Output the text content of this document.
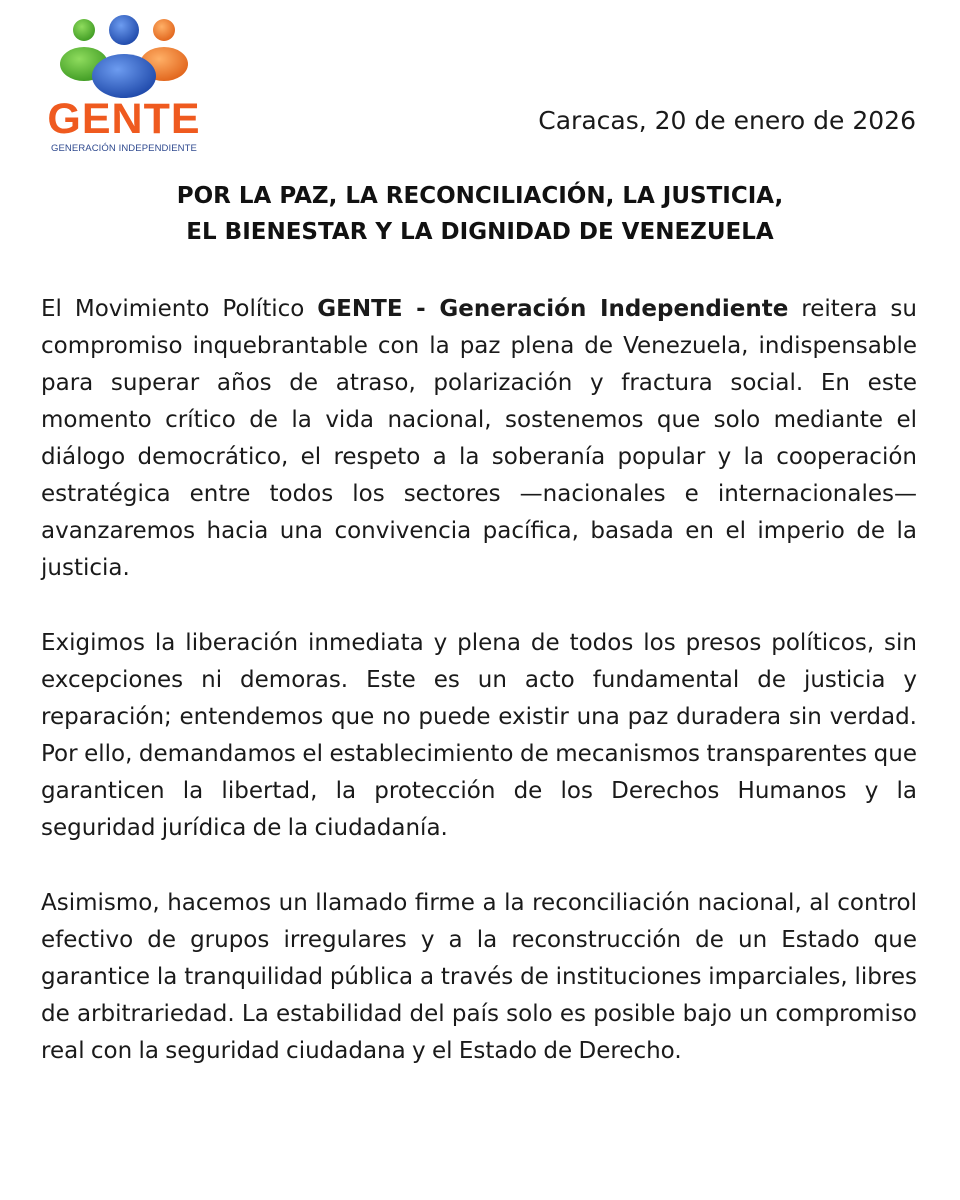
GENTE
GENERACIÓN INDEPENDIENTE
Caracas, 20 de enero de 2026
POR LA PAZ, LA RECONCILIACIÓN, LA JUSTICIA,
EL BIENESTAR Y LA DIGNIDAD DE VENEZUELA

El Movimiento Político GENTE - Generación Independiente reitera su compromiso inquebrantable con la paz plena de Venezuela, indispensable para superar años de atraso, polarización y fractura social. En este momento crítico de la vida nacional, sostenemos que solo mediante el diálogo democrático, el respeto a la soberanía popular y la cooperación estratégica entre todos los sectores —nacionales e internacionales— avanzaremos hacia una convivencia pacífica, basada en el imperio de la justicia.

Exigimos la liberación inmediata y plena de todos los presos políticos, sin excepciones ni demoras. Este es un acto fundamental de justicia y reparación; entendemos que no puede existir una paz duradera sin verdad. Por ello, demandamos el establecimiento de mecanismos transparentes que garanticen la libertad, la protección de los Derechos Humanos y la seguridad jurídica de la ciudadanía.

Asimismo, hacemos un llamado firme a la reconciliación nacional, al control efectivo de grupos irregulares y a la reconstrucción de un Estado que garantice la tranquilidad pública a través de instituciones imparciales, libres de arbitrariedad. La estabilidad del país solo es posible bajo un compromiso real con la seguridad ciudadana y el Estado de Derecho.
